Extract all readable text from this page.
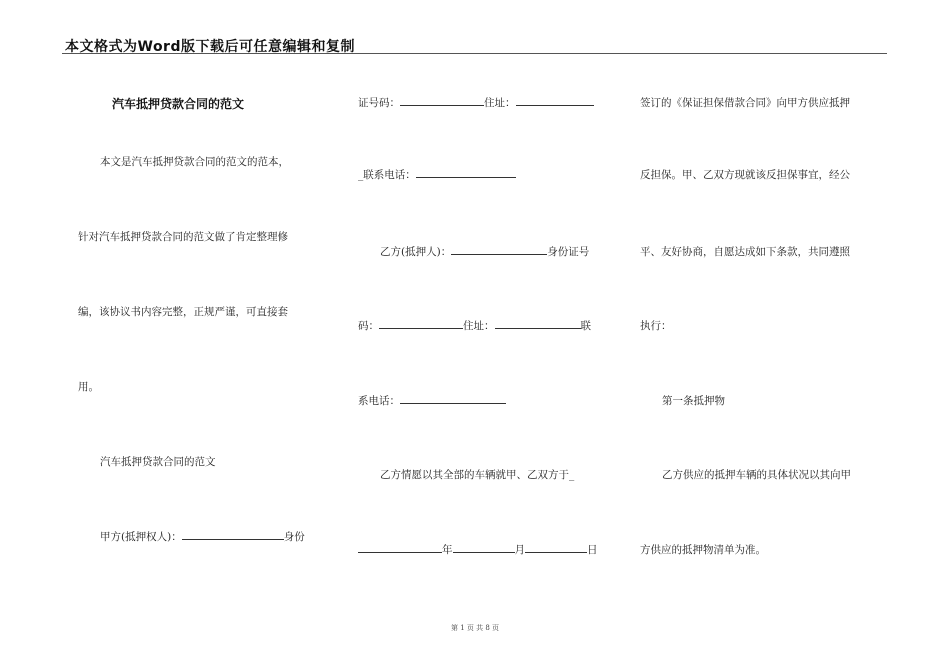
本文格式为Word版下载后可任意编辑和复制
汽车抵押贷款合同的范文
本文是汽车抵押贷款合同的范文的范本，
针对汽车抵押贷款合同的范文做了肯定整理修
编，该协议书内容完整，正规严谨，可直接套
用。
汽车抵押贷款合同的范文
甲方(抵押权人)：	身份
证号码：	住址：
_联系电话：
乙方(抵押人)：	身份证号
码：	住址：	联
系电话：
乙方情愿以其全部的车辆就甲、乙双方于_
年	月	日
签订的《保证担保借款合同》向甲方供应抵押
反担保。甲、乙双方现就该反担保事宜，经公
平、友好协商，自愿达成如下条款，共同遵照
执行：
第一条抵押物
乙方供应的抵押车辆的具体状况以其向甲
方供应的抵押物清单为准。
第 1 页 共 8 页
